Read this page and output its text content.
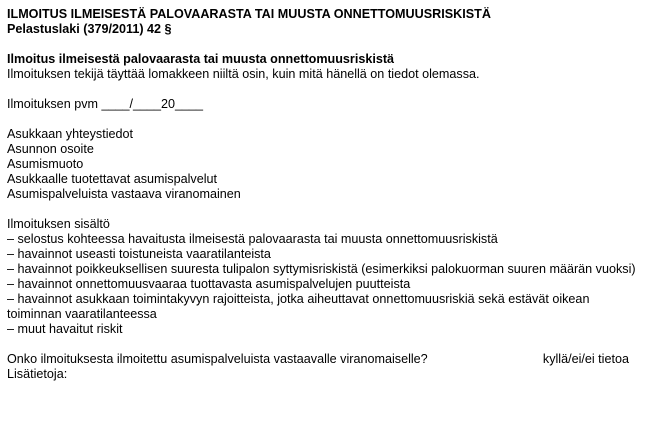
ILMOITUS ILMEISESTÄ PALOVAARASTA TAI MUUSTA ONNETTOMUUSRISKISTÄ

Pelastuslaki (379/2011) 42 §

Ilmoitus ilmeisestä palovaarasta tai muusta onnettomuusriskistä

Ilmoituksen tekijä täyttää lomakkeen niiltä osin, kuin mitä hänellä on tiedot olemassa.

Ilmoituksen pvm ____/____20____

Asukkaan yhteystiedot

Asunnon osoite

Asumismuoto

Asukkaalle tuotettavat asumispalvelut

Asumispalveluista vastaava viranomainen

Ilmoituksen sisältö

– selostus kohteessa havaitusta ilmeisestä palovaarasta tai muusta onnettomuusriskistä

– havainnot useasti toistuneista vaaratilanteista

– havainnot poikkeuksellisen suuresta tulipalon syttymisriskistä (esimerkiksi palokuorman suuren määrän vuoksi)

– havainnot onnettomuusvaaraa tuottavasta asumispalvelujen puutteista

– havainnot asukkaan toimintakyvyn rajoitteista, jotka aiheuttavat onnettomuusriskiä sekä estävät oikean toiminnan vaaratilanteessa

– muut havaitut riskit

Onko ilmoituksesta ilmoitettu asumispalveluista vastaavalle viranomaiselle?	kyllä/ei/ei tietoa

Lisätietoja:
